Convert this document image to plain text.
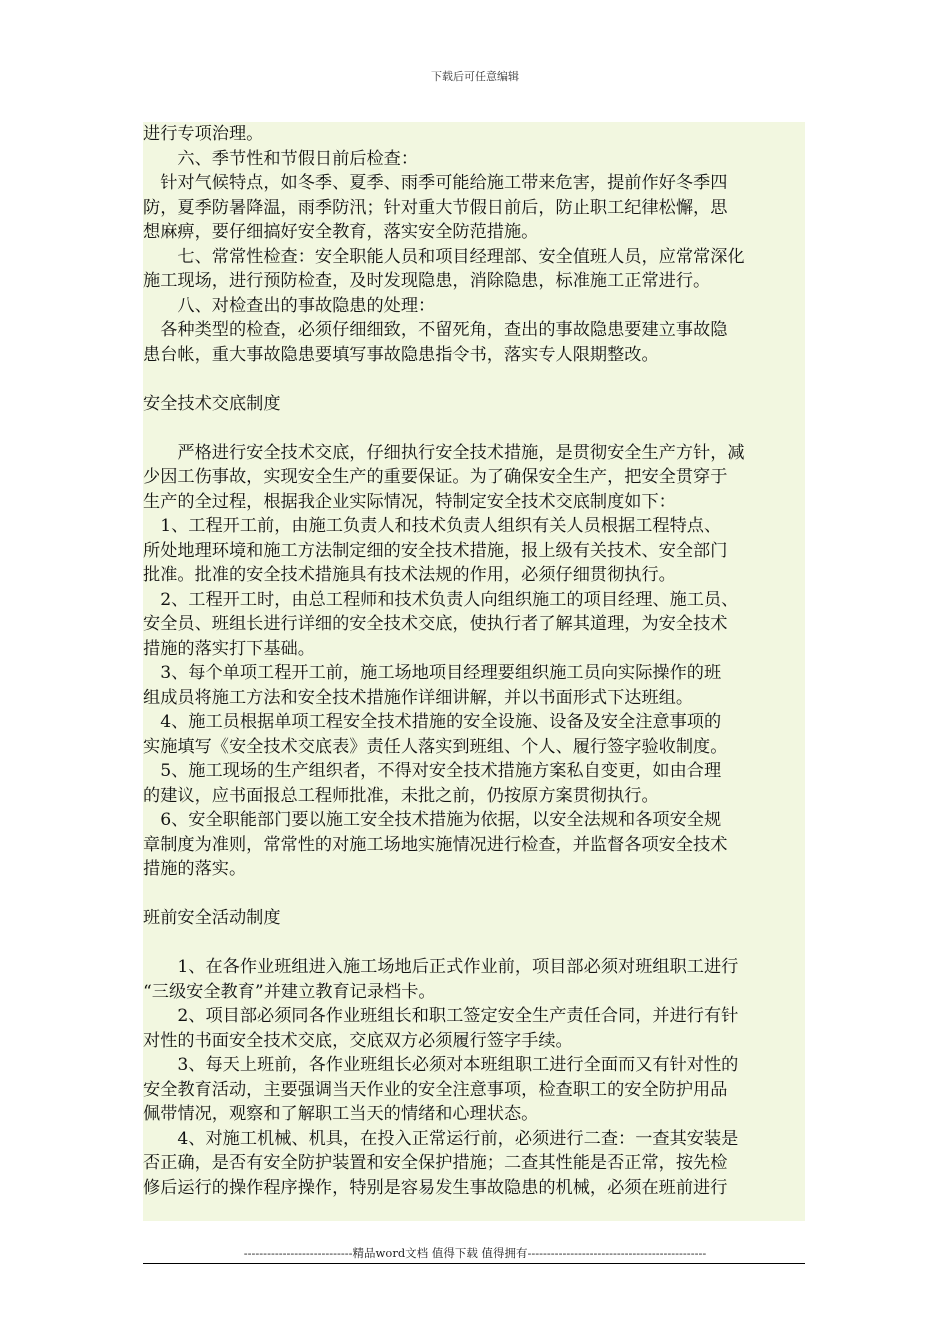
下载后可任意编辑

进行专项治理。

　　六、季节性和节假日前后检查：

　针对气候特点，如冬季、夏季、雨季可能给施工带来危害，提前作好冬季四

防，夏季防暑降温，雨季防汛；针对重大节假日前后，防止职工纪律松懈，思

想麻痹，要仔细搞好安全教育，落实安全防范措施。

　　七、常常性检查：安全职能人员和项目经理部、安全值班人员，应常常深化

施工现场，进行预防检查，及时发现隐患，消除隐患，标准施工正常进行。

　　八、对检查出的事故隐患的处理：

　各种类型的检查，必须仔细细致，不留死角，查出的事故隐患要建立事故隐

患台帐，重大事故隐患要填写事故隐患指令书，落实专人限期整改。

安全技术交底制度

　　严格进行安全技术交底，仔细执行安全技术措施，是贯彻安全生产方针，减

少因工伤事故，实现安全生产的重要保证。为了确保安全生产，把安全贯穿于

生产的全过程，根据我企业实际情况，特制定安全技术交底制度如下：

　1、工程开工前，由施工负责人和技术负责人组织有关人员根据工程特点、

所处地理环境和施工方法制定细的安全技术措施，报上级有关技术、安全部门

批准。批准的安全技术措施具有技术法规的作用，必须仔细贯彻执行。

　2、工程开工时，由总工程师和技术负责人向组织施工的项目经理、施工员、

安全员、班组长进行详细的安全技术交底，使执行者了解其道理，为安全技术

措施的落实打下基础。

　3、每个单项工程开工前，施工场地项目经理要组织施工员向实际操作的班

组成员将施工方法和安全技术措施作详细讲解，并以书面形式下达班组。

　4、施工员根据单项工程安全技术措施的安全设施、设备及安全注意事项的

实施填写《安全技术交底表》责任人落实到班组、个人、履行签字验收制度。

　5、施工现场的生产组织者，不得对安全技术措施方案私自变更，如由合理

的建议，应书面报总工程师批准，未批之前，仍按原方案贯彻执行。

　6、安全职能部门要以施工安全技术措施为依据，以安全法规和各项安全规

章制度为准则，常常性的对施工场地实施情况进行检查，并监督各项安全技术

措施的落实。

班前安全活动制度

　　1、在各作业班组进入施工场地后正式作业前，项目部必须对班组职工进行

“三级安全教育”并建立教育记录档卡。

　　2、项目部必须同各作业班组长和职工签定安全生产责任合同，并进行有针

对性的书面安全技术交底，交底双方必须履行签字手续。

　　3、每天上班前，各作业班组长必须对本班组职工进行全面而又有针对性的

安全教育活动，主要强调当天作业的安全注意事项，检查职工的安全防护用品

佩带情况，观察和了解职工当天的情绪和心理状态。

　　4、对施工机械、机具，在投入正常运行前，必须进行二查：一查其安装是

否正确，是否有安全防护装置和安全保护措施；二查其性能是否正常，按先检

修后运行的操作程序操作，特别是容易发生事故隐患的机械，必须在班前进行

----------------------------精品word文档 值得下载 值得拥有----------------------------------------------
